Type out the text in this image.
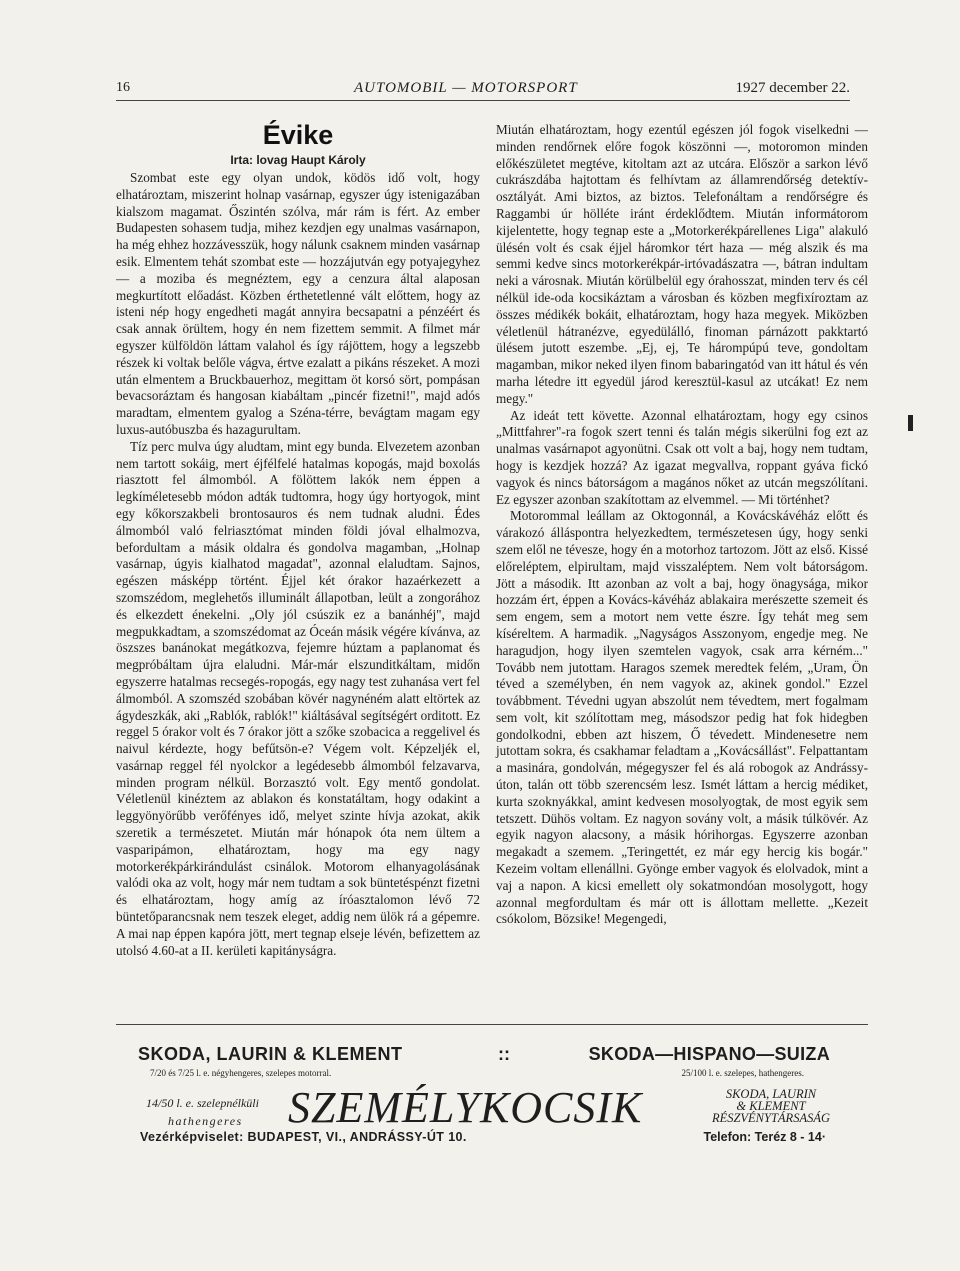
16	AUTOMOBIL — MOTORSPORT	1927 december 22.
Évike
Irta: lovag Haupt Károly

Szombat este egy olyan undok, ködös idő volt, hogy elhatároztam, miszerint holnap vasárnap, egyszer úgy istenigazában kialszom magamat. Őszintén szólva, már rám is fért. Az ember Budapesten sohasem tudja, mihez kezdjen egy unalmas vasárnapon, ha még ehhez hozzávesszük, hogy nálunk csaknem minden vasárnap esik. Elmentem tehát szombat este — hozzájutván egy potyajegyhez — a moziba és megnéztem, egy a cenzura által alaposan megkurtított előadást. Közben érthetetlenné vált előttem, hogy az isteni nép hogy engedheti magát annyira becsapatni a pénzéért és csak annak örültem, hogy én nem fizettem semmit. A filmet már egyszer külföldön láttam valahol és így rájöttem, hogy a legszebb részek ki voltak belőle vágva, értve ezalatt a pikáns részeket. A mozi után elmentem a Bruckbauerhoz, megittam öt korsó sört, pompásan bevacsoráztam és hangosan kiabáltam „pincér fizetni!", majd adós maradtam, elmentem gyalog a Széna-térre, bevágtam magam egy luxus-autóbuszba és hazagurultam.

Tíz perc mulva úgy aludtam, mint egy bunda. Elvezetem azonban nem tartott sokáig, mert éjfélfelé hatalmas kopogás, majd boxolás riasztott fel álmomból. A fölöttem lakók nem éppen a legkíméletesebb módon adták tudtomra, hogy úgy hortyogok, mint egy kőkorszakbeli brontosauros és nem tudnak aludni. Édes álmomból való felriasztómat minden földi jóval elhalmozva, befordultam a másik oldalra és gondolva magamban, „Holnap vasárnap, úgyis kialhatod magadat", azonnal elaludtam. Sajnos, egészen másképp történt. Éjjel két órakor hazaérkezett a szomszédom, meglehetős illuminált állapotban, leült a zongorához és elkezdett énekelni. „Oly jól csúszik ez a banánhéj", majd megpukkadtam, a szomszédomat az Óceán másik végére kívánva, az öszszes banánokat megátkozva, fejemre húztam a paplanomat és megpróbáltam újra elaludni. Már-már elszunditkáltam, midőn egyszerre hatalmas recsegés-ropogás, egy nagy test zuhanása vert fel álmomból. A szomszéd szobában kövér nagynéném alatt eltörtek az ágydeszkák, aki „Rablók, rablók!" kiáltásával segítségért orditott. Ez reggel 5 órakor volt és 7 órakor jött a szőke szobacica a reggelivel és naivul kérdezte, hogy befűtsön-e? Végem volt. Képzeljék el, vasárnap reggel fél nyolckor a legédesebb álmomból felzavarva, minden program nélkül. Borzasztó volt. Egy mentő gondolat. Véletlenül kinéztem az ablakon és konstatáltam, hogy odakint a leggyönyörűbb verőfényes idő, melyet szinte hívja azokat, akik szeretik a természetet. Miután már hónapok óta nem ültem a vasparipámon, elhatároztam, hogy ma egy nagy motorkerékpárkirándulást csinálok. Motorom elhanyagolásának valódi oka az volt, hogy már nem tudtam a sok büntetéspénzt fizetni és elhatároztam, hogy amíg az íróasztalomon lévő 72 büntetőparancsnak nem teszek eleget, addig nem ülök rá a gépemre. A mai nap éppen kapóra jött, mert tegnap elseje lévén, befizettem az utolsó 4.60-at a II. kerületi kapitányságra.

Miután elhatároztam, hogy ezentúl egészen jól fogok viselkedni — minden rendőrnek előre fogok köszönni —, motoromon minden előkészületet megtéve, kitoltam azt az utcára. Először a sarkon lévő cukrászdába hajtottam és felhívtam az államrendőrség detektív-osztályát. Ami biztos, az biztos. Telefonáltam a rendőrségre és Raggambi úr hölléte iránt érdeklődtem. Miután informátorom kijelentette, hogy tegnap este a „Motorkerékpárellenes Liga" alakuló ülésén volt és csak éjjel háromkor tért haza — még alszik és ma semmi kedve sincs motorkerékpár-irtóvadászatra —, bátran indultam neki a városnak. Miután körülbelül egy órahosszat, minden terv és cél nélkül ide-oda kocsikáztam a városban és közben megfixíroztam az összes médikék bokáit, elhatároztam, hogy haza megyek. Miközben véletlenül hátranézve, egyedülálló, finoman párnázott pakktartó ülésem jutott eszembe. „Ej, ej, Te hárompúpú teve, gondoltam magamban, mikor neked ilyen finom babaringatód van itt hátul és vén marha létedre itt egyedül járod keresztül-kasul az utcákat! Ez nem megy."

Az ideát tett követte. Azonnal elhatároztam, hogy egy csinos „Mittfahrer"-ra fogok szert tenni és talán mégis sikerülni fog ezt az unalmas vasárnapot agyonütni. Csak ott volt a baj, hogy nem tudtam, hogy is kezdjek hozzá? Az igazat megvallva, roppant gyáva fickó vagyok és nincs bátorságom a magános nőket az utcán megszólítani. Ez egyszer azonban szakítottam az elvemmel. — Mi történhet?

Motorommal leállam az Oktogonnál, a Kovácskávéház előtt és várakozó álláspontra helyezkedtem, természetesen úgy, hogy senki szem elől ne tévesze, hogy én a motorhoz tartozom. Jött az első. Kissé előreléptem, elpirultam, majd visszaléptem. Nem volt bátorságom. Jött a második. Itt azonban az volt a baj, hogy önagysága, mikor hozzám ért, éppen a Kovács-kávéház ablakaira merészette szemeit és sem engem, sem a motort nem vette észre. Így tehát meg sem kíséreltem. A harmadik. „Nagyságos Asszonyom, engedje meg. Ne haragudjon, hogy ilyen szemtelen vagyok, csak arra kérném..." Tovább nem jutottam. Haragos szemek meredtek felém, „Uram, Ön téved a személyben, én nem vagyok az, akinek gondol." Ezzel továbbment. Tévedni ugyan abszolút nem tévedtem, mert fogalmam sem volt, kit szólítottam meg, másodszor pedig hat fok hidegben gondolkodni, ebben azt hiszem, Ő tévedett. Mindenesetre nem jutottam sokra, és csakhamar feladtam a „Kovácsállást". Felpattantam a masinára, gondolván, mégegyszer fel és alá robogok az Andrássy-úton, talán ott több szerencsém lesz. Ismét láttam a hercig médiket, kurta szoknyákkal, amint kedvesen mosolyogtak, de most egyik sem tetszett. Dühös voltam. Ez nagyon sovány volt, a másik túlkövér. Az egyik nagyon alacsony, a másik hórihorgas. Egyszerre azonban megakadt a szemem. „Teringettét, ez már egy hercig kis bogár." Kezeim voltam ellenállni. Gyönge ember vagyok és elolvadok, mint a vaj a napon. A kicsi emellett oly sokatmondóan mosolygott, hogy azonnal megfordultam és már ott is állottam mellette. „Kezeit csókolom, Bözsike! Megengedi,

SKODA, LAURIN & KLEMENT	::	SKODA—HISPANO—SUIZA
7/20 és 7/25 l. e. négyhengeres, szelepes motorral.	25/100 l. e. szelepes, hathengeres.
14/50 l. e. szelepnélküli
hathengeres SZEMÉLYKOCSIK	SKODA, LAURIN
& KLEMENT
RÉSZVÉNYTÁRSASÁG
Vezérképviselet: BUDAPEST, VI., ANDRÁSSY-ÚT 10.	Telefon: Teréz 8 - 14·
